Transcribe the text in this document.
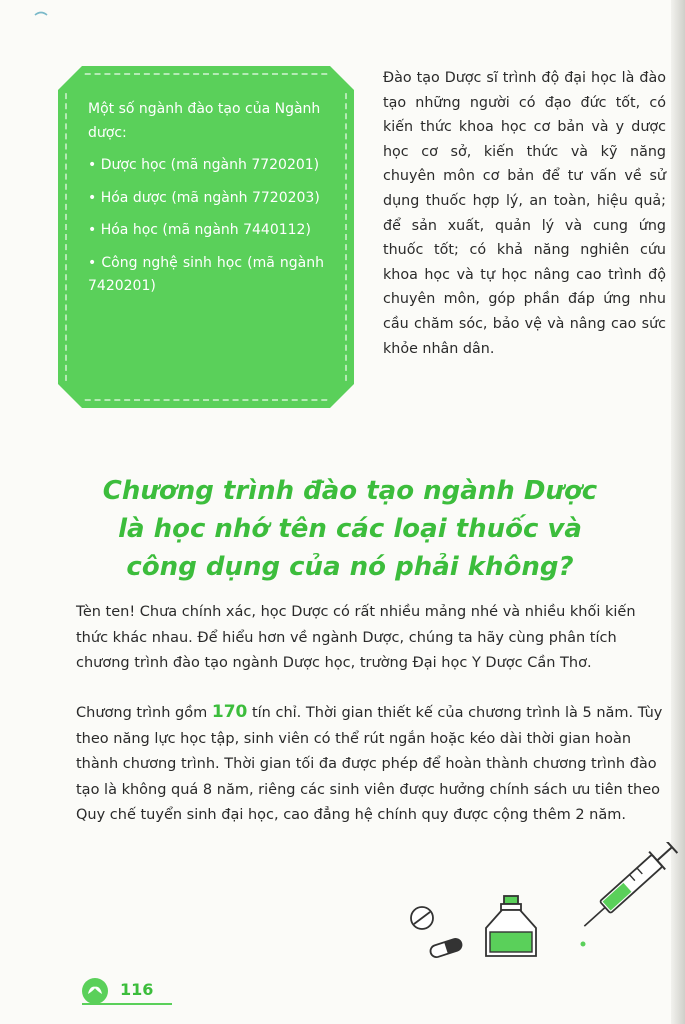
Một số ngành đào tạo của Ngành dược:

• Dược học (mã ngành 7720201)
• Hóa dược (mã ngành 7720203)
• Hóa học (mã ngành 7440112)
• Công nghệ sinh học (mã ngành 7420201)

Đào tạo Dược sĩ trình độ đại học là đào tạo những người có đạo đức tốt, có kiến thức khoa học cơ bản và y dược học cơ sở, kiến thức và kỹ năng chuyên môn cơ bản để tư vấn về sử dụng thuốc hợp lý, an toàn, hiệu quả; để sản xuất, quản lý và cung ứng thuốc tốt; có khả năng nghiên cứu khoa học và tự học nâng cao trình độ chuyên môn, góp phần đáp ứng nhu cầu chăm sóc, bảo vệ và nâng cao sức khỏe nhân dân.

Chương trình đào tạo ngành Dược
là học nhớ tên các loại thuốc và
công dụng của nó phải không?

Tèn ten! Chưa chính xác, học Dược có rất nhiều mảng nhé và nhiều khối kiến thức khác nhau. Để hiểu hơn về ngành Dược, chúng ta hãy cùng phân tích chương trình đào tạo ngành Dược học, trường Đại học Y Dược Cần Thơ.

Chương trình gồm 170 tín chỉ. Thời gian thiết kế của chương trình là 5 năm. Tùy theo năng lực học tập, sinh viên có thể rút ngắn hoặc kéo dài thời gian hoàn thành chương trình. Thời gian tối đa được phép để hoàn thành chương trình đào tạo là không quá 8 năm, riêng các sinh viên được hưởng chính sách ưu tiên theo Quy chế tuyển sinh đại học, cao đẳng hệ chính quy được cộng thêm 2 năm.

116
